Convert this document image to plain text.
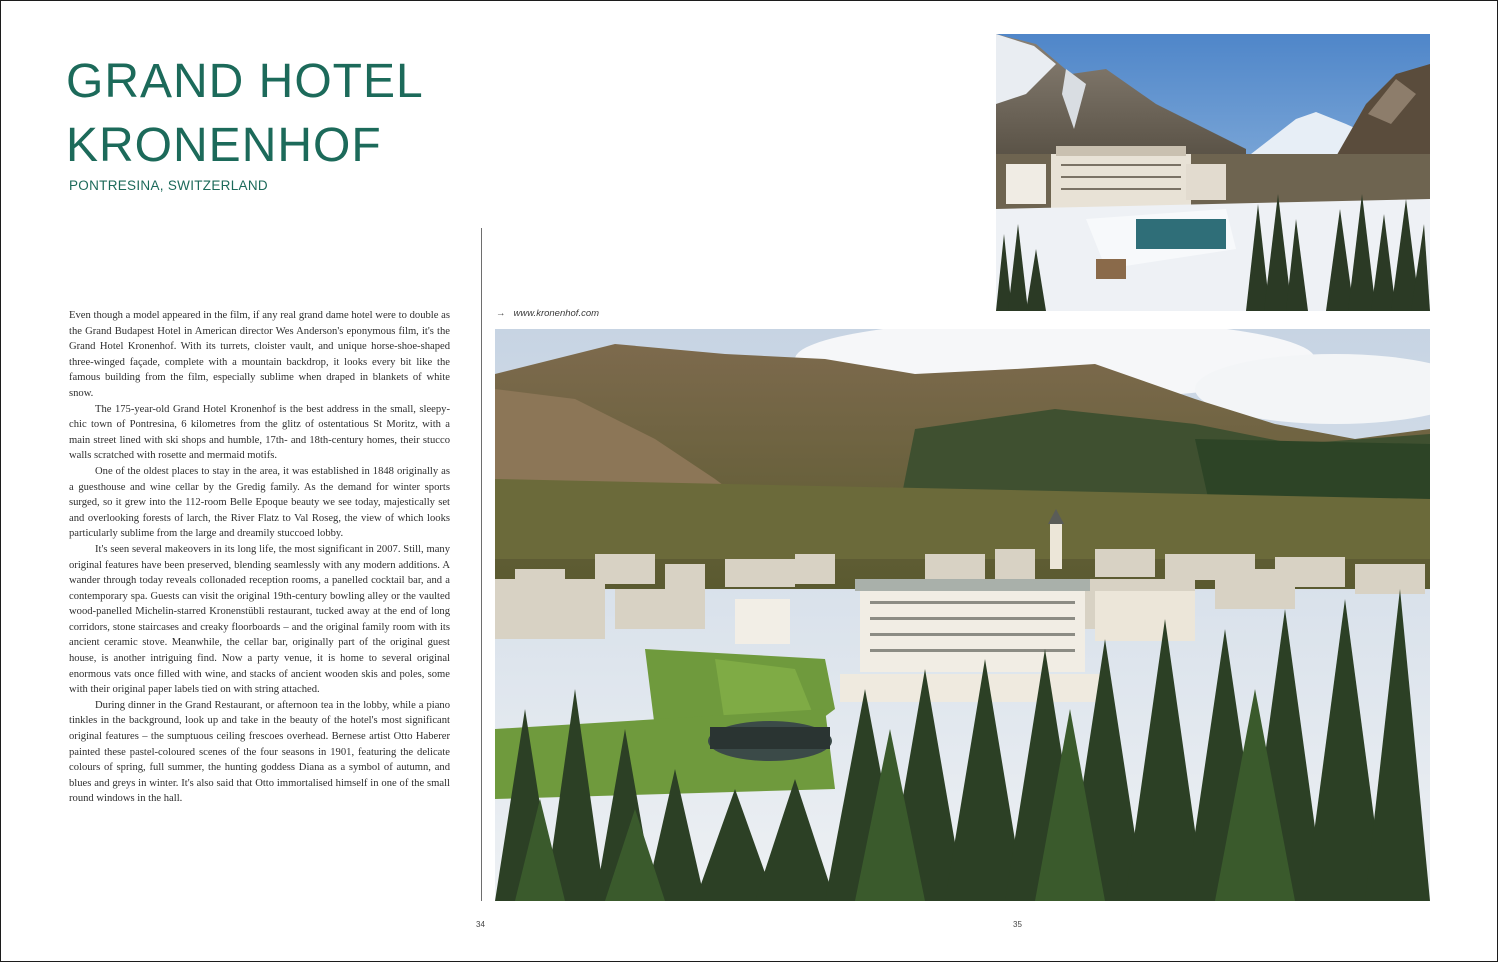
GRAND HOTEL
KRONENHOF
PONTRESINA, SWITZERLAND

Even though a model appeared in the film, if any real grand dame hotel were to double as the Grand Budapest Hotel in American director Wes Anderson's eponymous film, it's the Grand Hotel Kronenhof. With its turrets, cloister vault, and unique horse-shoe-shaped three-winged façade, complete with a mountain backdrop, it looks every bit like the famous building from the film, especially sublime when draped in blankets of white snow.

The 175-year-old Grand Hotel Kronenhof is the best address in the small, sleepy-chic town of Pontresina, 6 kilometres from the glitz of ostentatious St Moritz, with a main street lined with ski shops and humble, 17th- and 18th-century homes, their stucco walls scratched with rosette and mermaid motifs.

One of the oldest places to stay in the area, it was established in 1848 originally as a guesthouse and wine cellar by the Gredig family. As the demand for winter sports surged, so it grew into the 112-room Belle Epoque beauty we see today, majestically set and overlooking forests of larch, the River Flatz to Val Roseg, the view of which looks particularly sublime from the large and dreamily stuccoed lobby.

It's seen several makeovers in its long life, the most significant in 2007. Still, many original features have been preserved, blending seamlessly with any modern additions. A wander through today reveals collonaded reception rooms, a panelled cocktail bar, and a contemporary spa. Guests can visit the original 19th-century bowling alley or the vaulted wood-panelled Michelin-starred Kronenstübli restaurant, tucked away at the end of long corridors, stone staircases and creaky floorboards – and the original family room with its ancient ceramic stove. Meanwhile, the cellar bar, originally part of the original guest house, is another intriguing find. Now a party venue, it is home to several original enormous vats once filled with wine, and stacks of ancient wooden skis and poles, some with their original paper labels tied on with string attached.

During dinner in the Grand Restaurant, or afternoon tea in the lobby, while a piano tinkles in the background, look up and take in the beauty of the hotel's most significant original features – the sumptuous ceiling frescoes overhead. Bernese artist Otto Haberer painted these pastel-coloured scenes of the four seasons in 1901, featuring the delicate colours of spring, full summer, the hunting goddess Diana as a symbol of autumn, and blues and greys in winter. It's also said that Otto immortalised himself in one of the small round windows in the hall.

→ www.kronenhof.com
34	35
